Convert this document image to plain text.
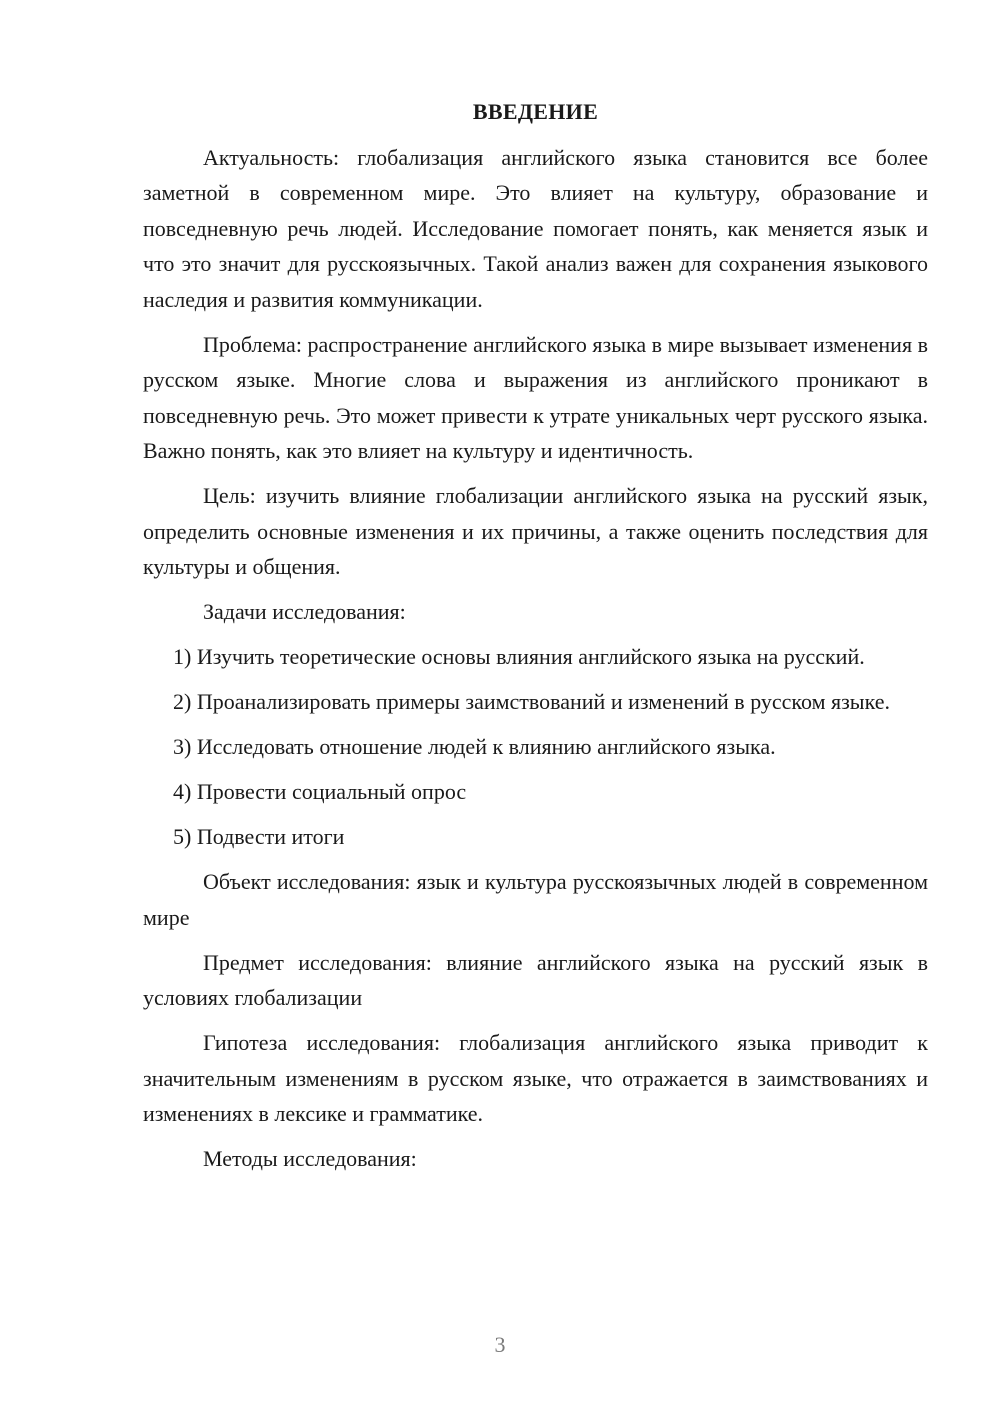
ВВЕДЕНИЕ

Актуальность: глобализация английского языка становится все более заметной в современном мире. Это влияет на культуру, образование и повседневную речь людей. Исследование помогает понять, как меняется язык и что это значит для русскоязычных. Такой анализ важен для сохранения языкового наследия и развития коммуникации.

Проблема: распространение английского языка в мире вызывает изменения в русском языке. Многие слова и выражения из английского проникают в повседневную речь. Это может привести к утрате уникальных черт русского языка. Важно понять, как это влияет на культуру и идентичность.

Цель: изучить влияние глобализации английского языка на русский язык, определить основные изменения и их причины, а также оценить последствия для культуры и общения.

Задачи исследования:

1) Изучить теоретические основы влияния английского языка на русский.

2) Проанализировать примеры заимствований и изменений в русском языке.

3) Исследовать отношение людей к влиянию английского языка.

4) Провести социальный опрос

5) Подвести итоги

Объект исследования: язык и культура русскоязычных людей в современном мире

Предмет исследования: влияние английского языка на русский язык в условиях глобализации

Гипотеза исследования: глобализация английского языка приводит к значительным изменениям в русском языке, что отражается в заимствованиях и изменениях в лексике и грамматике.

Методы исследования:

3
